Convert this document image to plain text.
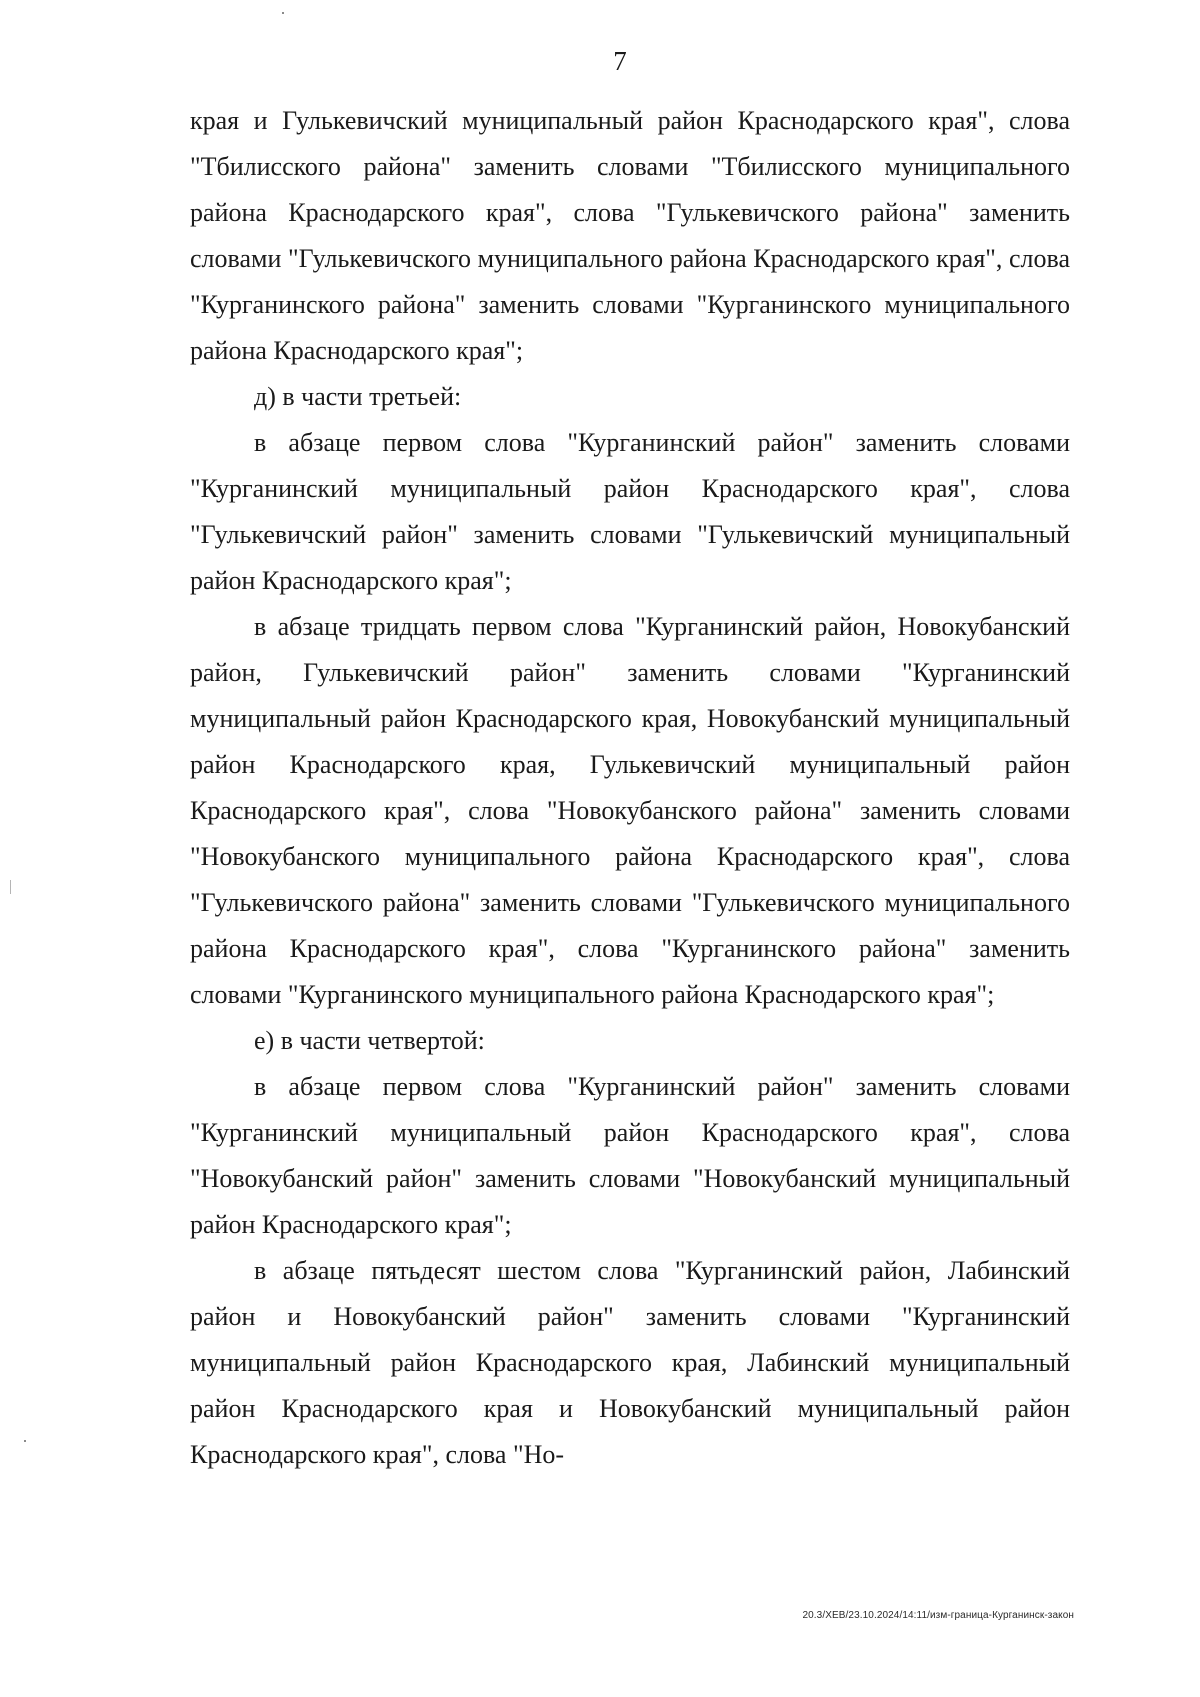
7

края и Гулькевичский муниципальный район Краснодарского края", слова "Тбилисского района" заменить словами "Тбилисского муниципального района Краснодарского края", слова "Гулькевичского района" заменить словами "Гулькевичского муниципального района Краснодарского края", слова "Курганинского района" заменить словами "Курганинского муниципального района Краснодарского края";

д) в части третьей:

в абзаце первом слова "Курганинский район" заменить словами "Курганинский муниципальный район Краснодарского края", слова "Гулькевичский район" заменить словами "Гулькевичский муниципальный район Краснодарского края";

в абзаце тридцать первом слова "Курганинский район, Новокубанский район, Гулькевичский район" заменить словами "Курганинский муниципальный район Краснодарского края, Новокубанский муниципальный район Краснодарского края, Гулькевичский муниципальный район Краснодарского края", слова "Новокубанского района" заменить словами "Новокубанского муниципального района Краснодарского края", слова "Гулькевичского района" заменить словами "Гулькевичского муниципального района Краснодарского края", слова "Курганинского района" заменить словами "Курганинского муниципального района Краснодарского края";

е) в части четвертой:

в абзаце первом слова "Курганинский район" заменить словами "Курганинский муниципальный район Краснодарского края", слова "Новокубанский район" заменить словами "Новокубанский муниципальный район Краснодарского края";

в абзаце пятьдесят шестом слова "Курганинский район, Лабинский район и Новокубанский район" заменить словами "Курганинский муниципальный район Краснодарского края, Лабинский муниципальный район Краснодарского края и Новокубанский муниципальный район Краснодарского края", слова "Но-

20.3/ХЕВ/23.10.2024/14:11/изм-граница-Курганинск-закон
